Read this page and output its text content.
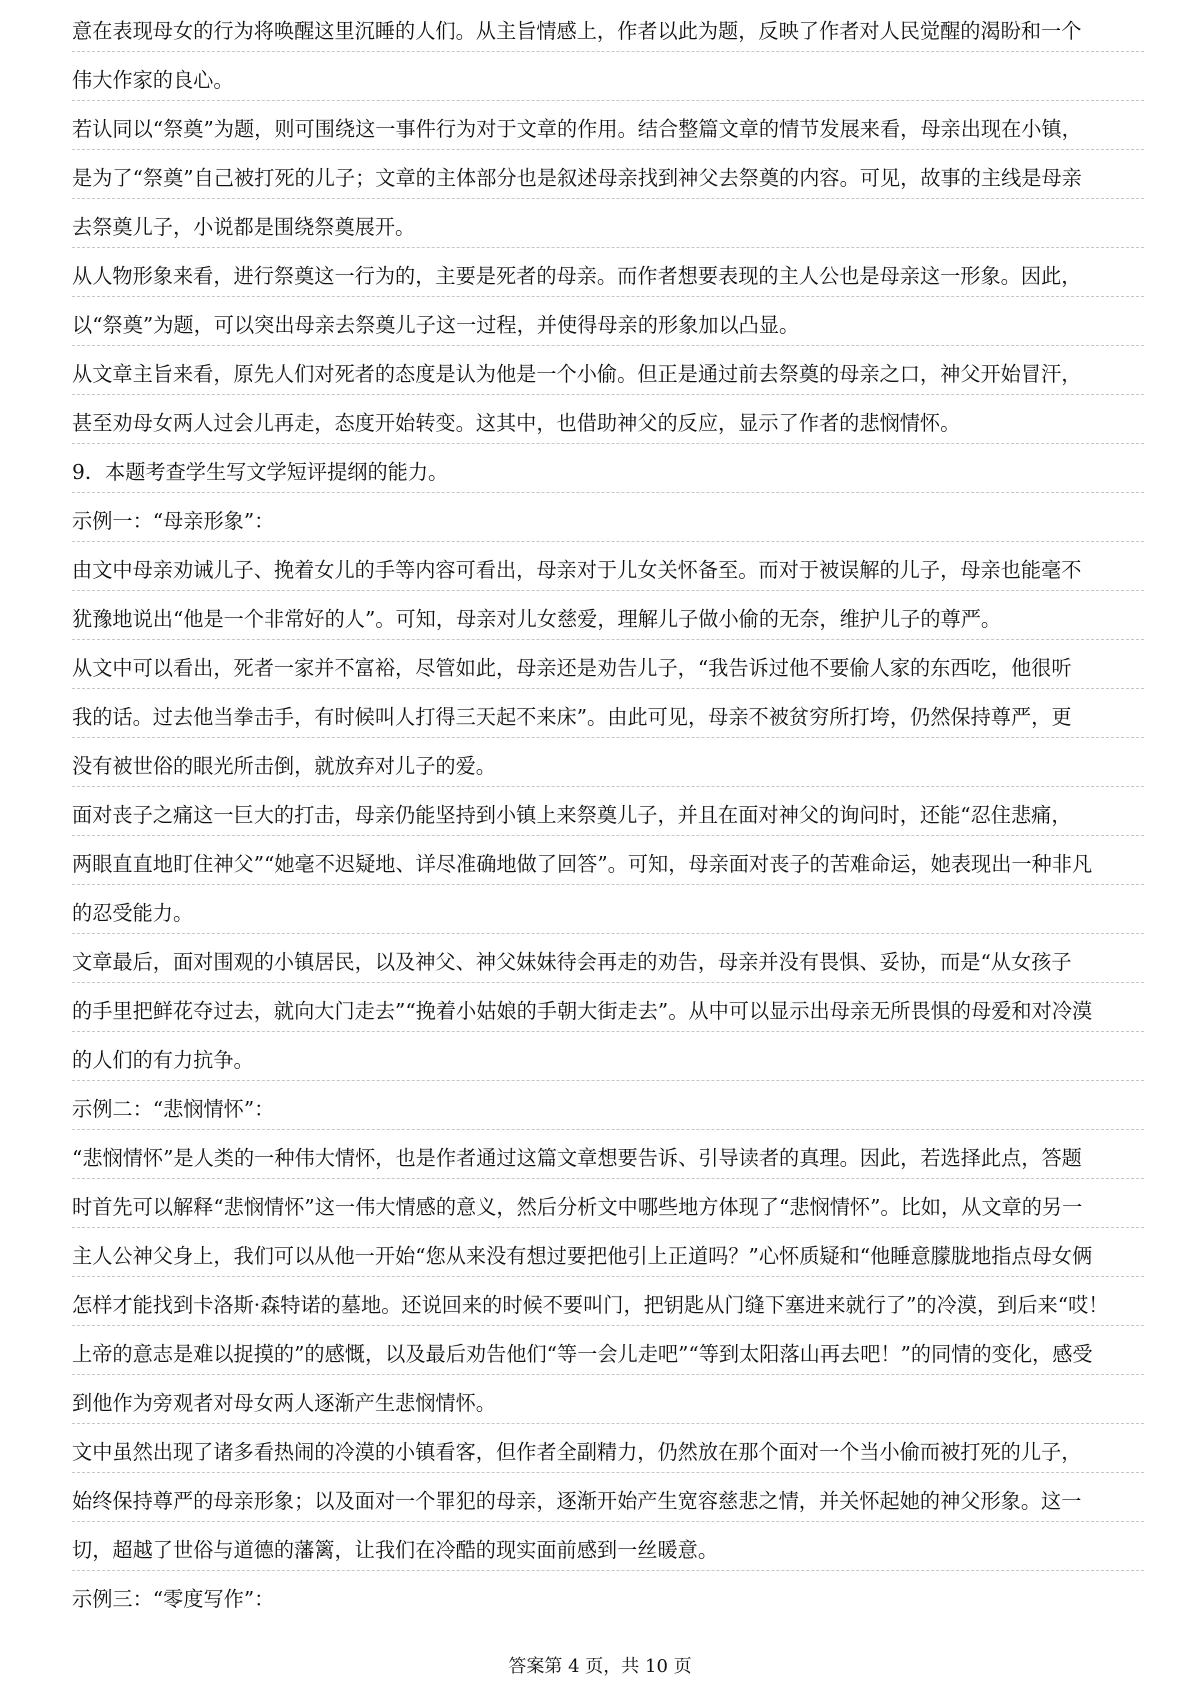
意在表现母女的行为将唤醒这里沉睡的人们。从主旨情感上，作者以此为题，反映了作者对人民觉醒的渴盼和一个
伟大作家的良心。
若认同以“祭奠”为题，则可围绕这一事件行为对于文章的作用。结合整篇文章的情节发展来看，母亲出现在小镇，
是为了“祭奠”自己被打死的儿子；文章的主体部分也是叙述母亲找到神父去祭奠的内容。可见，故事的主线是母亲
去祭奠儿子，小说都是围绕祭奠展开。
从人物形象来看，进行祭奠这一行为的，主要是死者的母亲。而作者想要表现的主人公也是母亲这一形象。因此，
以“祭奠”为题，可以突出母亲去祭奠儿子这一过程，并使得母亲的形象加以凸显。
从文章主旨来看，原先人们对死者的态度是认为他是一个小偷。但正是通过前去祭奠的母亲之口，神父开始冒汗，
甚至劝母女两人过会儿再走，态度开始转变。这其中，也借助神父的反应，显示了作者的悲悯情怀。
9．本题考查学生写文学短评提纲的能力。
示例一：“母亲形象”：
由文中母亲劝诫儿子、挽着女儿的手等内容可看出，母亲对于儿女关怀备至。而对于被误解的儿子，母亲也能毫不
犹豫地说出“他是一个非常好的人”。可知，母亲对儿女慈爱，理解儿子做小偷的无奈，维护儿子的尊严。
从文中可以看出，死者一家并不富裕，尽管如此，母亲还是劝告儿子，“我告诉过他不要偷人家的东西吃，他很听
我的话。过去他当拳击手，有时候叫人打得三天起不来床”。由此可见，母亲不被贫穷所打垮，仍然保持尊严，更
没有被世俗的眼光所击倒，就放弃对儿子的爱。
面对丧子之痛这一巨大的打击，母亲仍能坚持到小镇上来祭奠儿子，并且在面对神父的询问时，还能“忍住悲痛，
两眼直直地盯住神父”“她毫不迟疑地、详尽准确地做了回答”。可知，母亲面对丧子的苦难命运，她表现出一种非凡
的忍受能力。
文章最后，面对围观的小镇居民，以及神父、神父妹妹待会再走的劝告，母亲并没有畏惧、妥协，而是“从女孩子
的手里把鲜花夺过去，就向大门走去”“挽着小姑娘的手朝大街走去”。从中可以显示出母亲无所畏惧的母爱和对冷漠
的人们的有力抗争。
示例二：“悲悯情怀”：
“悲悯情怀”是人类的一种伟大情怀，也是作者通过这篇文章想要告诉、引导读者的真理。因此，若选择此点，答题
时首先可以解释“悲悯情怀”这一伟大情感的意义，然后分析文中哪些地方体现了“悲悯情怀”。比如，从文章的另一
主人公神父身上，我们可以从他一开始“您从来没有想过要把他引上正道吗？”心怀质疑和“他睡意朦胧地指点母女俩
怎样才能找到卡洛斯·森特诺的墓地。还说回来的时候不要叫门，把钥匙从门缝下塞进来就行了”的冷漠，到后来“哎！
上帝的意志是难以捉摸的”的感慨，以及最后劝告他们“等一会儿走吧”“等到太阳落山再去吧！”的同情的变化，感受
到他作为旁观者对母女两人逐渐产生悲悯情怀。
文中虽然出现了诸多看热闹的冷漠的小镇看客，但作者全副精力，仍然放在那个面对一个当小偷而被打死的儿子，
始终保持尊严的母亲形象；以及面对一个罪犯的母亲，逐渐开始产生宽容慈悲之情，并关怀起她的神父形象。这一
切，超越了世俗与道德的藩篱，让我们在冷酷的现实面前感到一丝暖意。
示例三：“零度写作”：
答案第 4 页，共 10 页
